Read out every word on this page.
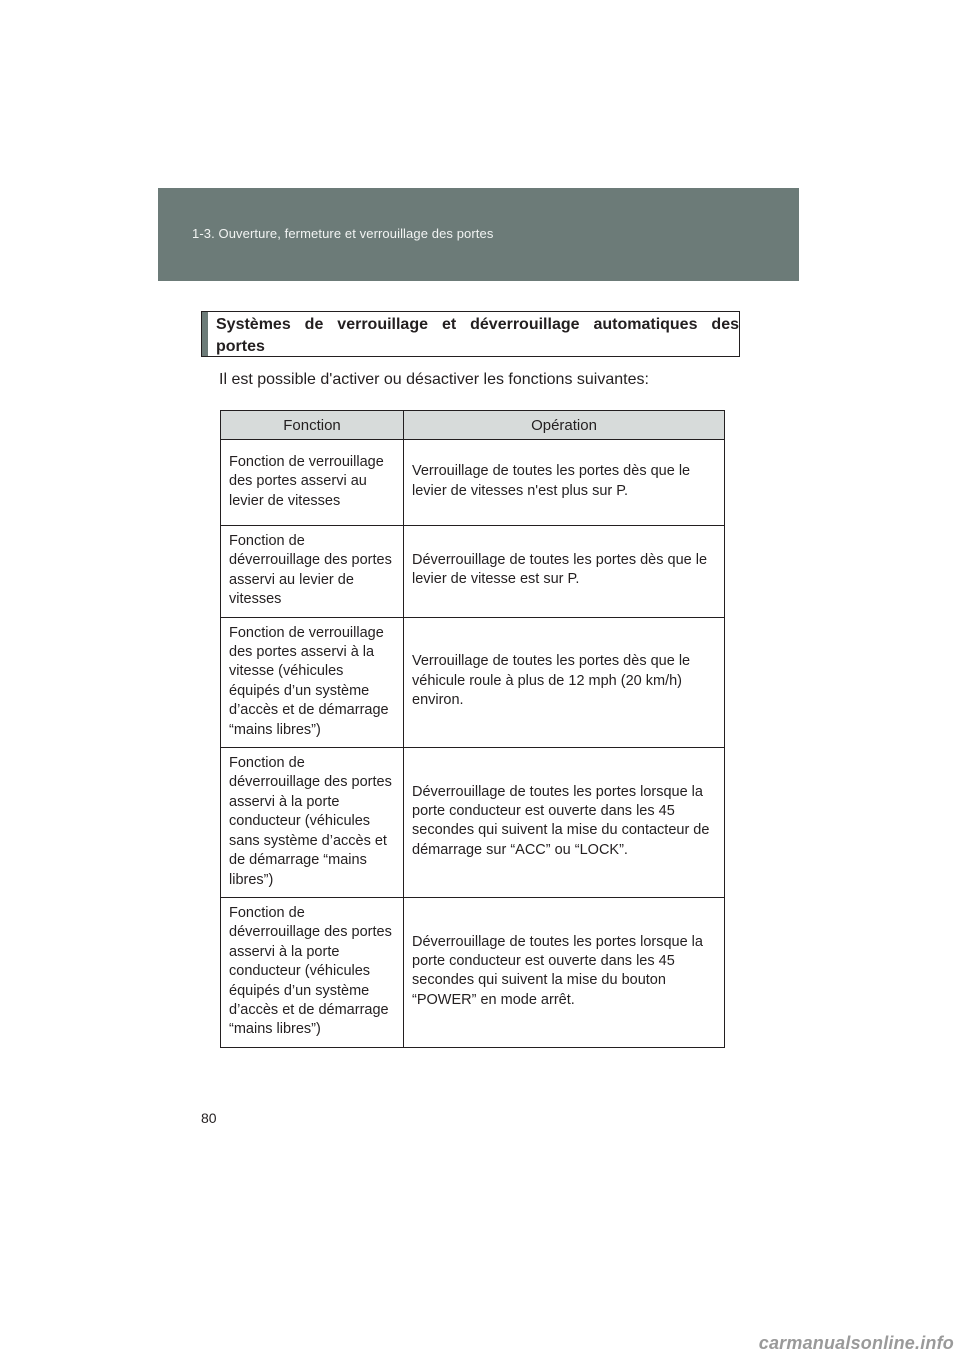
1-3. Ouverture, fermeture et verrouillage des portes
Systèmes de verrouillage et déverrouillage automatiques des portes
Il est possible d'activer ou désactiver les fonctions suivantes:
Fonction	Opération
Fonction de verrouillage des portes asservi au levier de vitesses	Verrouillage de toutes les portes dès que le levier de vitesses n'est plus sur P.
Fonction de déverrouillage des portes asservi au levier de vitesses	Déverrouillage de toutes les portes dès que le levier de vitesse est sur P.
Fonction de verrouillage des portes asservi à la vitesse (véhicules équipés d’un système d’accès et de démarrage “mains libres”)	Verrouillage de toutes les portes dès que le véhicule roule à plus de 12 mph (20 km/h) environ.
Fonction de déverrouillage des portes asservi à la porte conducteur (véhicules sans système d’accès et de démarrage “mains libres”)	Déverrouillage de toutes les portes lorsque la porte conducteur est ouverte dans les 45 secondes qui suivent la mise du contacteur de démarrage sur “ACC” ou “LOCK”.
Fonction de déverrouillage des portes asservi à la porte conducteur (véhicules équipés d’un système d’accès et de démarrage “mains libres”)	Déverrouillage de toutes les portes lorsque la porte conducteur est ouverte dans les 45 secondes qui suivent la mise du bouton “POWER” en mode arrêt.
80
carmanualsonline.info
